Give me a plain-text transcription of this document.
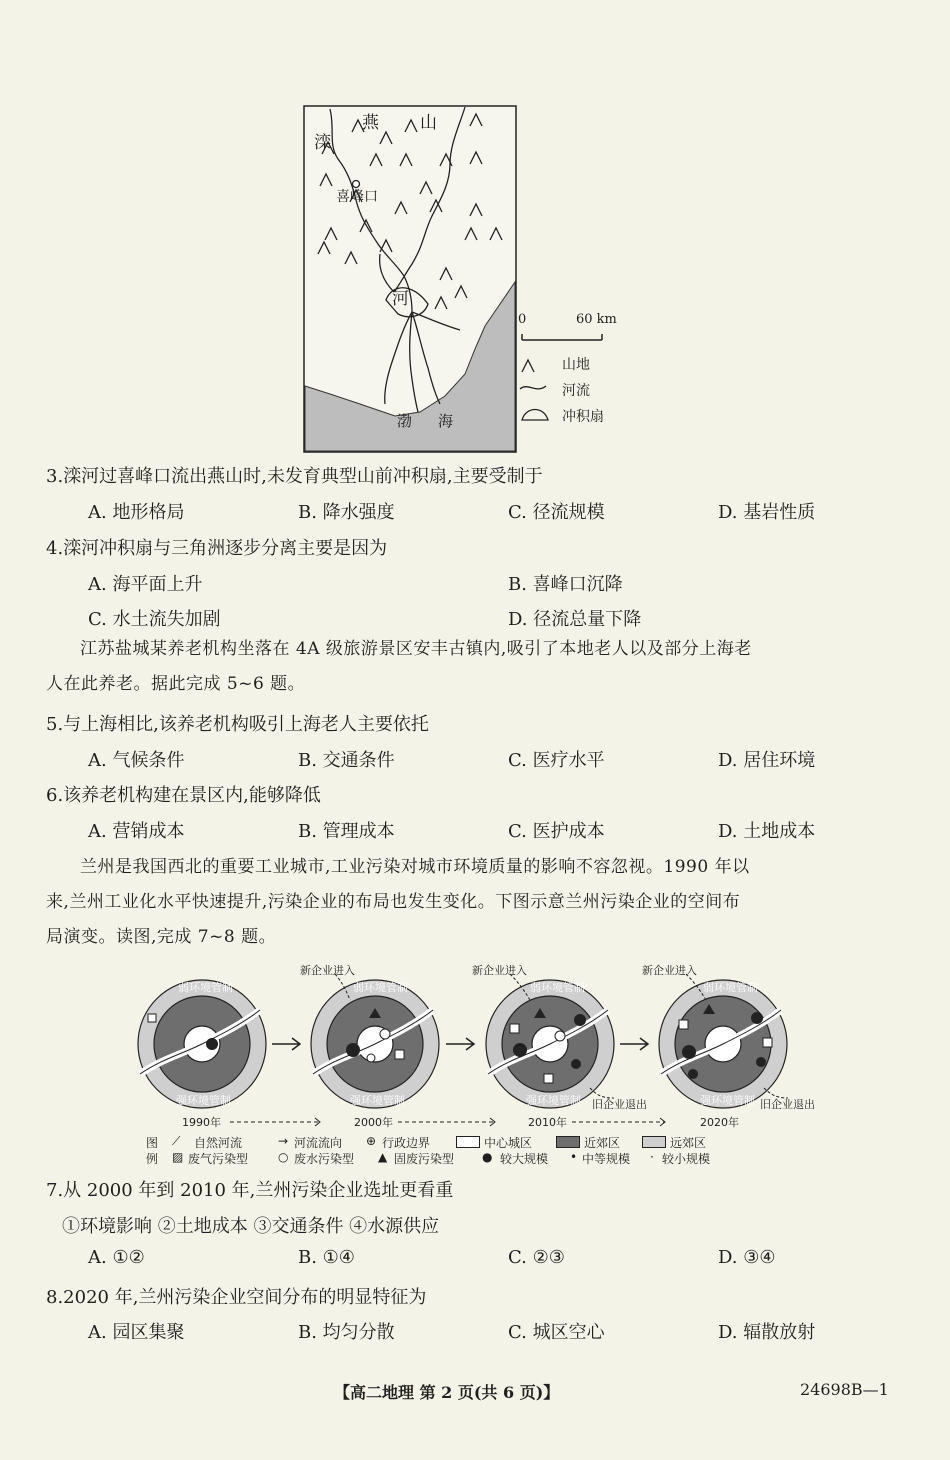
燕 山
滦
喜峰口
河
渤 海
0	60 km
山地
河流
冲积扇
3.滦河过喜峰口流出燕山时,未发育典型山前冲积扇,主要受制于
A. 地形格局	B. 降水强度	C. 径流规模	D. 基岩性质
4.滦河冲积扇与三角洲逐步分离主要是因为
A. 海平面上升	B. 喜峰口沉降
C. 水土流失加剧	D. 径流总量下降
江苏盐城某养老机构坐落在 4A 级旅游景区安丰古镇内,吸引了本地老人以及部分上海老
人在此养老。据此完成 5~6 题。
5.与上海相比,该养老机构吸引上海老人主要依托
A. 气候条件	B. 交通条件	C. 医疗水平	D. 居住环境
6.该养老机构建在景区内,能够降低
A. 营销成本	B. 管理成本	C. 医护成本	D. 土地成本
兰州是我国西北的重要工业城市,工业污染对城市环境质量的影响不容忽视。1990 年以
来,兰州工业化水平快速提升,污染企业的布局也发生变化。下图示意兰州污染企业的空间布
局演变。读图,完成 7~8 题。
弱环境管制	弱环境管制	弱环境管制	弱环境管制
强环境管制	强环境管制	强环境管制	强环境管制
新企业进入	新企业进入	新企业进入
旧企业退出	旧企业退出
1990年	2000年	2010年	2020年
图
例
⟋ 自然河流	→ 河流流向 ⊕ 行政边界	中心城区	近郊区	远郊区
▨ 废气污染型 ○ 废水污染型 ▲ 固废污染型 ● 较大规模 • 中等规模 · 较小规模
7.从 2000 年到 2010 年,兰州污染企业选址更看重
①环境影响 ②土地成本 ③交通条件 ④水源供应
A. ①②	B. ①④	C. ②③	D. ③④
8.2020 年,兰州污染企业空间分布的明显特征为
A. 园区集聚	B. 均匀分散	C. 城区空心	D. 辐散放射
【高二地理 第 2 页(共 6 页)】	24698B—1
